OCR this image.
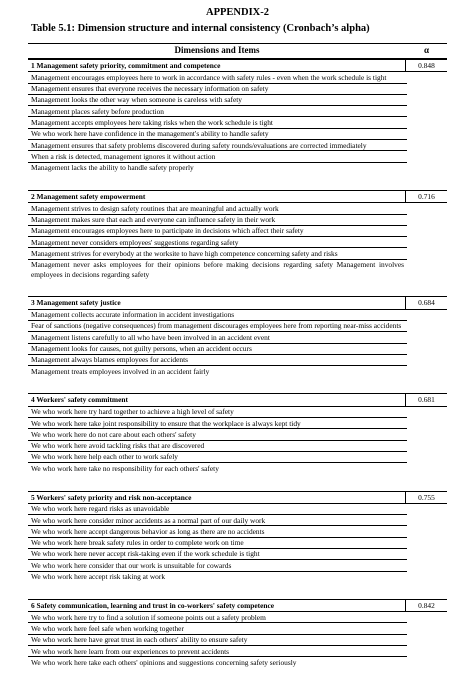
APPENDIX-2
Table 5.1: Dimension structure and internal consistency (Cronbach’s alpha)
Dimensions and Items	α
1 Management safety priority, commitment and competence	0.848
Management encourages employees here to work in accordance with safety rules - even when the work schedule is tight
Management ensures that everyone receives the necessary information on safety
Management looks the other way when someone is careless with safety
Management places safety before production
Management accepts employees here taking risks when the work schedule is tight
We who work here have confidence in the management's ability to handle safety
Management ensures that safety problems discovered during safety rounds/evaluations are corrected immediately
When a risk is detected, management ignores it without action
Management lacks the ability to handle safety properly
2 Management safety empowerment	0.716
Management strives to design safety routines that are meaningful and actually work
Management makes sure that each and everyone can influence safety in their work
Management encourages employees here to participate in decisions which affect their safety
Management never considers employees' suggestions regarding safety
Management strives for everybody at the worksite to have high competence concerning safety and risks
Management never asks employees for their opinions before making decisions regarding safety Management involves employees in decisions regarding safety
3 Management safety justice	0.684
Management collects accurate information in accident investigations
Fear of sanctions (negative consequences) from management discourages employees here from reporting near-miss accidents
Management listens carefully to all who have been involved in an accident event
Management looks for causes, not guilty persons, when an accident occurs
Management always blames employees for accidents
Management treats employees involved in an accident fairly
4 Workers' safety commitment	0.681
We who work here try hard together to achieve a high level of safety
We who work here take joint responsibility to ensure that the workplace is always kept tidy
We who work here do not care about each others' safety
We who work here avoid tackling risks that are discovered
We who work here help each other to work safely
We who work here take no responsibility for each others' safety
5 Workers' safety priority and risk non-acceptance	0.755
We who work here regard risks as unavoidable
We who work here consider minor accidents as a normal part of our daily work
We who work here accept dangerous behavior as long as there are no accidents
We who work here break safety rules in order to complete work on time
We who work here never accept risk-taking even if the work schedule is tight
We who work here consider that our work is unsuitable for cowards
We who work here accept risk taking at work
6 Safety communication, learning and trust in co-workers' safety competence	0.842
We who work here try to find a solution if someone points out a safety problem
We who work here feel safe when working together
We who work here have great trust in each others' ability to ensure safety
We who work here learn from our experiences to prevent accidents
We who work here take each others' opinions and suggestions concerning safety seriously
